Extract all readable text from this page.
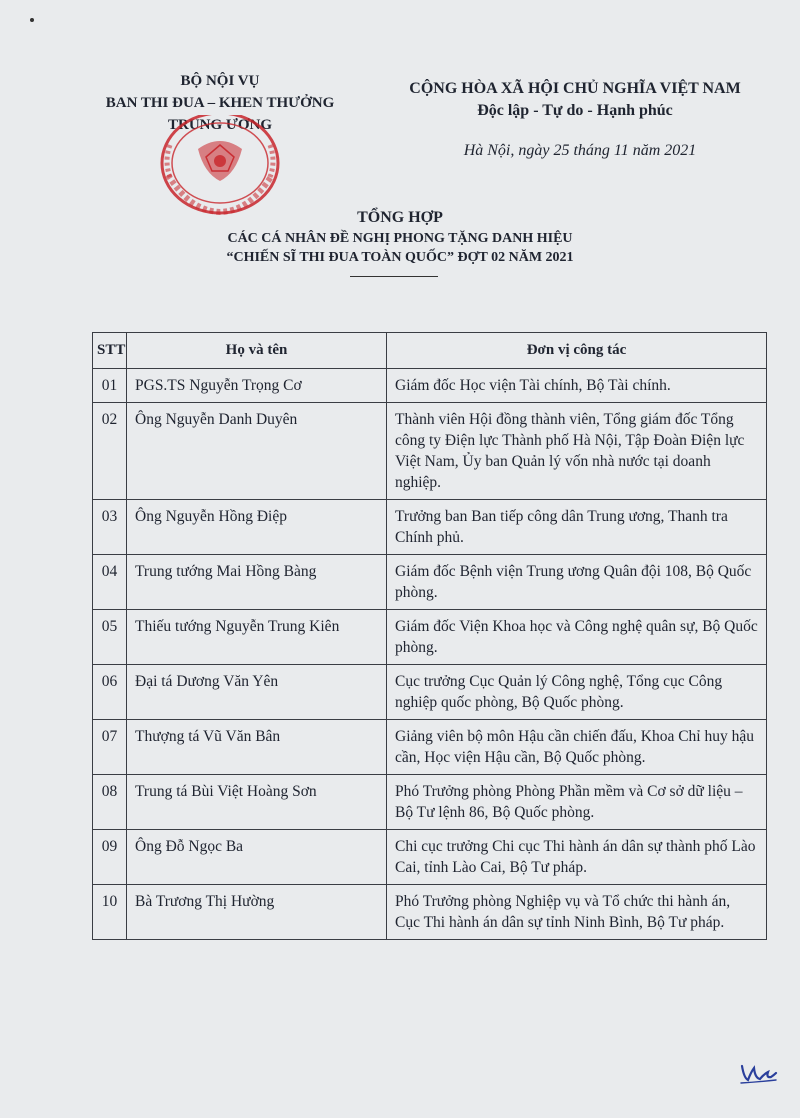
BỘ NỘI VỤ
BAN THI ĐUA – KHEN THƯỞNG
TRUNG ƯƠNG
CỘNG HÒA XÃ HỘI CHỦ NGHĨA VIỆT NAM
Độc lập - Tự do - Hạnh phúc
Hà Nội, ngày 25 tháng 11 năm 2021
TỔNG HỢP
CÁC CÁ NHÂN ĐỀ NGHỊ PHONG TẶNG DANH HIỆU
“CHIẾN SĨ THI ĐUA TOÀN QUỐC” ĐỢT 02 NĂM 2021
STT	Họ và tên	Đơn vị công tác
01	PGS.TS Nguyễn Trọng Cơ	Giám đốc Học viện Tài chính, Bộ Tài chính.
02	Ông Nguyễn Danh Duyên	Thành viên Hội đồng thành viên, Tổng giám đốc Tổng công ty Điện lực Thành phố Hà Nội, Tập Đoàn Điện lực Việt Nam, Ủy ban Quản lý vốn nhà nước tại doanh nghiệp.
03	Ông Nguyễn Hồng Điệp	Trưởng ban Ban tiếp công dân Trung ương, Thanh tra Chính phủ.
04	Trung tướng Mai Hồng Bàng	Giám đốc Bệnh viện Trung ương Quân đội 108, Bộ Quốc phòng.
05	Thiếu tướng Nguyễn Trung Kiên	Giám đốc Viện Khoa học và Công nghệ quân sự, Bộ Quốc phòng.
06	Đại tá Dương Văn Yên	Cục trưởng Cục Quản lý Công nghệ, Tổng cục Công nghiệp quốc phòng, Bộ Quốc phòng.
07	Thượng tá Vũ Văn Bân	Giảng viên bộ môn Hậu cần chiến đấu, Khoa Chỉ huy hậu cần, Học viện Hậu cần, Bộ Quốc phòng.
08	Trung tá Bùi Việt Hoàng Sơn	Phó Trưởng phòng Phòng Phần mềm và Cơ sở dữ liệu – Bộ Tư lệnh 86, Bộ Quốc phòng.
09	Ông Đỗ Ngọc Ba	Chi cục trưởng Chi cục Thi hành án dân sự thành phố Lào Cai, tỉnh Lào Cai, Bộ Tư pháp.
10	Bà Trương Thị Hường	Phó Trưởng phòng Nghiệp vụ và Tổ chức thi hành án, Cục Thi hành án dân sự tỉnh Ninh Bình, Bộ Tư pháp.
